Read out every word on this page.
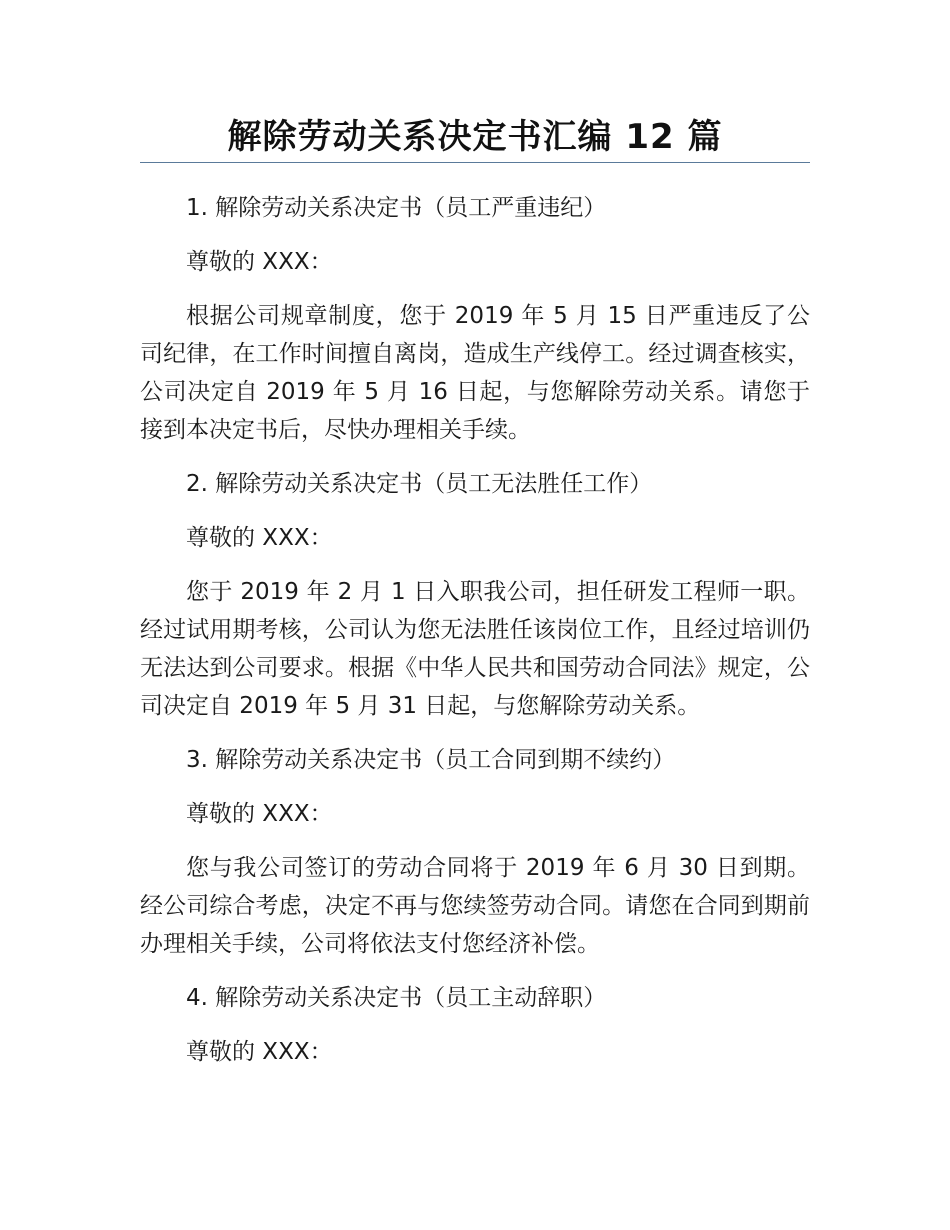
解除劳动关系决定书汇编 12 篇

1. 解除劳动关系决定书（员工严重违纪）

尊敬的 XXX：

根据公司规章制度，您于 2019 年 5 月 15 日严重违反了公司纪律，在工作时间擅自离岗，造成生产线停工。经过调查核实，公司决定自 2019 年 5 月 16 日起，与您解除劳动关系。请您于接到本决定书后，尽快办理相关手续。

2. 解除劳动关系决定书（员工无法胜任工作）

尊敬的 XXX：

您于 2019 年 2 月 1 日入职我公司，担任研发工程师一职。经过试用期考核，公司认为您无法胜任该岗位工作，且经过培训仍无法达到公司要求。根据《中华人民共和国劳动合同法》规定，公司决定自 2019 年 5 月 31 日起，与您解除劳动关系。

3. 解除劳动关系决定书（员工合同到期不续约）

尊敬的 XXX：

您与我公司签订的劳动合同将于 2019 年 6 月 30 日到期。经公司综合考虑，决定不再与您续签劳动合同。请您在合同到期前办理相关手续，公司将依法支付您经济补偿。

4. 解除劳动关系决定书（员工主动辞职）

尊敬的 XXX：
